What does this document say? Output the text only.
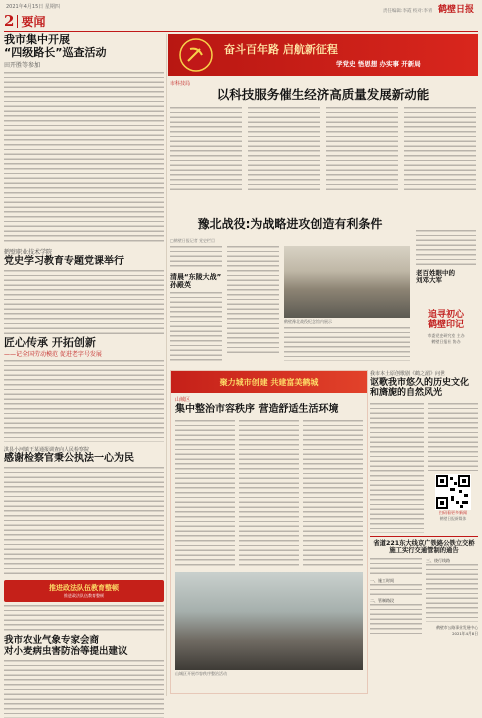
2021年4月15日 星期四
责任编辑:李霞 校对:李青 鹤壁日报
2 要闻
我市集中开展
“四级路长”巡查活动
田开胜等参加
鹤壁职业技术学院
党史学习教育专题党课举行
匠心传承 开拓创新
——记全国劳动模范 促进老字号发展
淇县小河镇王某通报调查向人民检察院
感谢检察官秉公执法一心为民
推进政法队伍教育整顿
推进政法队伍教育整顿
我市农业气象专家会商
对小麦病虫害防治等提出建议
奋斗百年路 启航新征程
学党史 悟思想 办实事 开新局
市科技局
以科技服务催生经济高质量发展新动能
豫北战役:为战略进攻创造有利条件
□鹤壁日报记者 党史栏目
清晨“东陵大战”
孙殿英
鹤壁豫北战役纪念馆内展示
老百姓眼中的
刘邓大军
追寻初心
鹤壁印记
市委党史研究室 主办
鹤壁日报社 协办
聚力城市创建 共建富美鹤城
山城区
集中整治市容秩序 营造舒适生活环境
山城区开展市容秩序整治活动
我市本土原创歌剧《鹤之湄》问世
讴歌我市悠久的历史文化
和旖旎的自然风光
扫码看更多新闻
鹤壁日报新媒体
省道221东大线京广铁路公铁立交桥
施工实行交通管制的通告
一、施工时间
二、管制路段
三、绕行线路
鹤壁市公路事业发展中心
2021年4月8日
